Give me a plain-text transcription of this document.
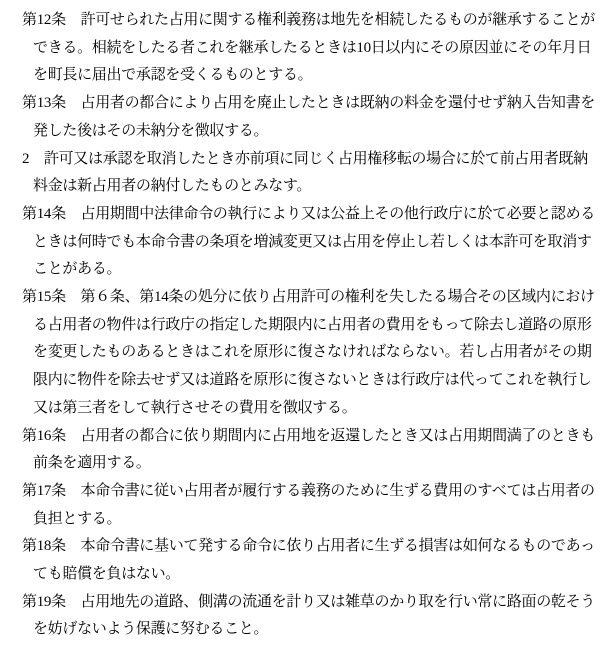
第12条　許可せられた占用に関する権利義務は地先を相続したるものが継承することが
できる。相続をしたる者これを継承したるときは10日以内にその原因並にその年月日
を町長に届出で承認を受くるものとする。
第13条　占用者の都合により占用を廃止したときは既納の料金を還付せず納入告知書を
発した後はその未納分を徴収する。
2　許可又は承認を取消したとき亦前項に同じく占用権移転の場合に於て前占用者既納
料金は新占用者の納付したものとみなす。
第14条　占用期間中法律命令の執行により又は公益上その他行政庁に於て必要と認める
ときは何時でも本命令書の条項を増減変更又は占用を停止し若しくは本許可を取消す
ことがある。
第15条　第６条、第14条の処分に依り占用許可の権利を失したる場合その区域内におけ
る占用者の物件は行政庁の指定した期限内に占用者の費用をもって除去し道路の原形
を変更したものあるときはこれを原形に復さなければならない。若し占用者がその期
限内に物件を除去せず又は道路を原形に復さないときは行政庁は代ってこれを執行し
又は第三者をして執行させその費用を徴収する。
第16条　占用者の都合に依り期間内に占用地を返還したとき又は占用期間満了のときも
前条を適用する。
第17条　本命令書に従い占用者が履行する義務のために生ずる費用のすべては占用者の
負担とする。
第18条　本命令書に基いて発する命令に依り占用者に生ずる損害は如何なるものであっ
ても賠償を負はない。
第19条　占用地先の道路、側溝の流通を計り又は雑草のかり取を行い常に路面の乾そう
を妨げないよう保護に努むること。
